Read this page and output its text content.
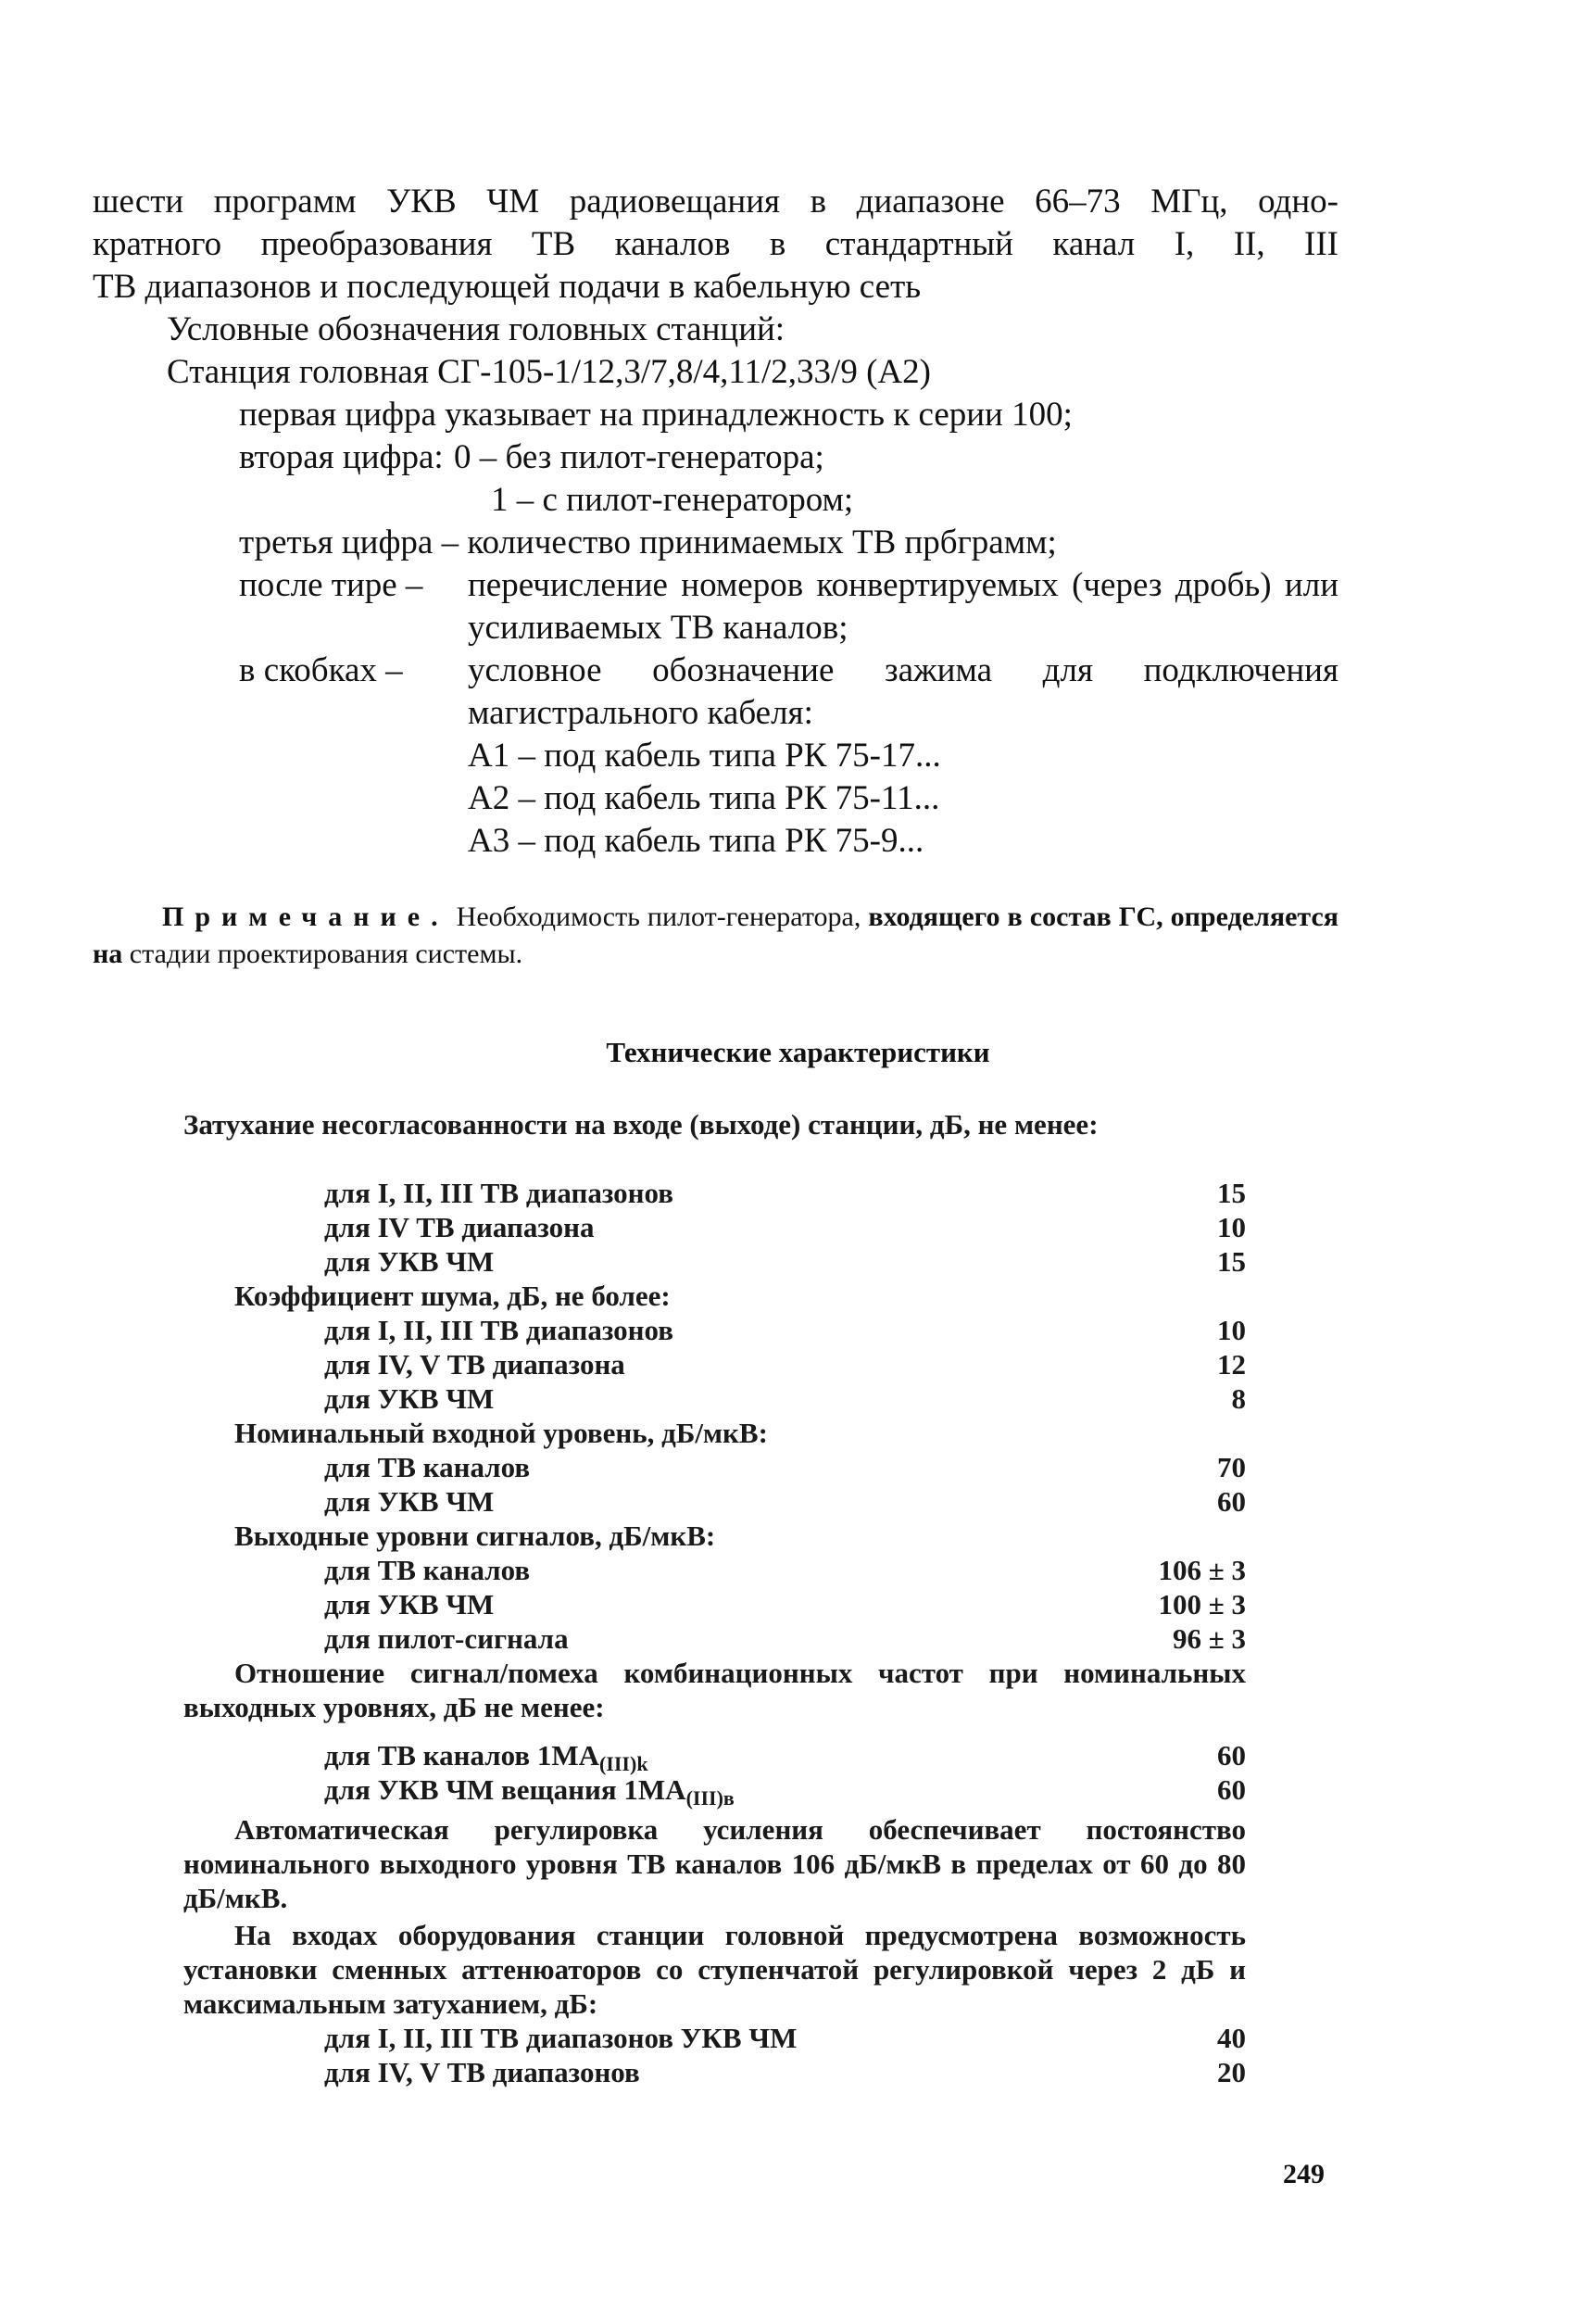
шести программ УКВ ЧМ радиовещания в диапазоне 66–73 МГц, одно-
кратного преобразования ТВ каналов в стандартный канал I, II, III
ТВ диапазонов и последующей подачи в кабельную сеть
Условные обозначения головных станций:
Станция головная СГ-105-1/12,3/7,8/4,11/2,33/9 (А2)
первая цифра указывает на принадлежность к серии 100;
вторая цифра: 0 – без пилот-генератора;
1 – с пилот-генератором;
третья цифра – количество принимаемых ТВ прбграмм;
после тире – перечисление номеров конвертируемых (через дробь) или усиливаемых ТВ каналов;
в скобках – условное обозначение зажима для подключения магистрального кабеля:
А1 – под кабель типа РК 75-17...
А2 – под кабель типа РК 75-11...
А3 – под кабель типа РК 75-9...
Примечание. Необходимость пилот-генератора, входящего в состав ГС, определяется на стадии проектирования системы.
Технические характеристики
Затухание несогласованности на входе (выходе) станции, дБ, не менее:
для I, II, III ТВ диапазонов	15
для IV ТВ диапазона	10
для УКВ ЧМ	15
Коэффициент шума, дБ, не более:
для I, II, III ТВ диапазонов	10
для IV, V ТВ диапазона	12
для УКВ ЧМ	8
Номинальный входной уровень, дБ/мкВ:
для ТВ каналов	70
для УКВ ЧМ	60
Выходные уровни сигналов, дБ/мкВ:
для ТВ каналов	106 ± 3
для УКВ ЧМ	100 ± 3
для пилот-сигнала	96 ± 3
Отношение сигнал/помеха комбинационных частот при номинальных выходных уровнях, дБ не менее:
для ТВ каналов $1МА_{(III)k}$	60
для УКВ ЧМ вещания $1МА_{(III)в}$	60
Автоматическая регулировка усиления обеспечивает постоянство номинального выходного уровня ТВ каналов 106 дБ/мкВ в пределах от 60 до 80 дБ/мкВ.
На входах оборудования станции головной предусмотрена возможность установки сменных аттенюаторов со ступенчатой регулировкой через 2 дБ и максимальным затуханием, дБ:
для I, II, III ТВ диапазонов УКВ ЧМ	40
для IV, V ТВ диапазонов	20
249
